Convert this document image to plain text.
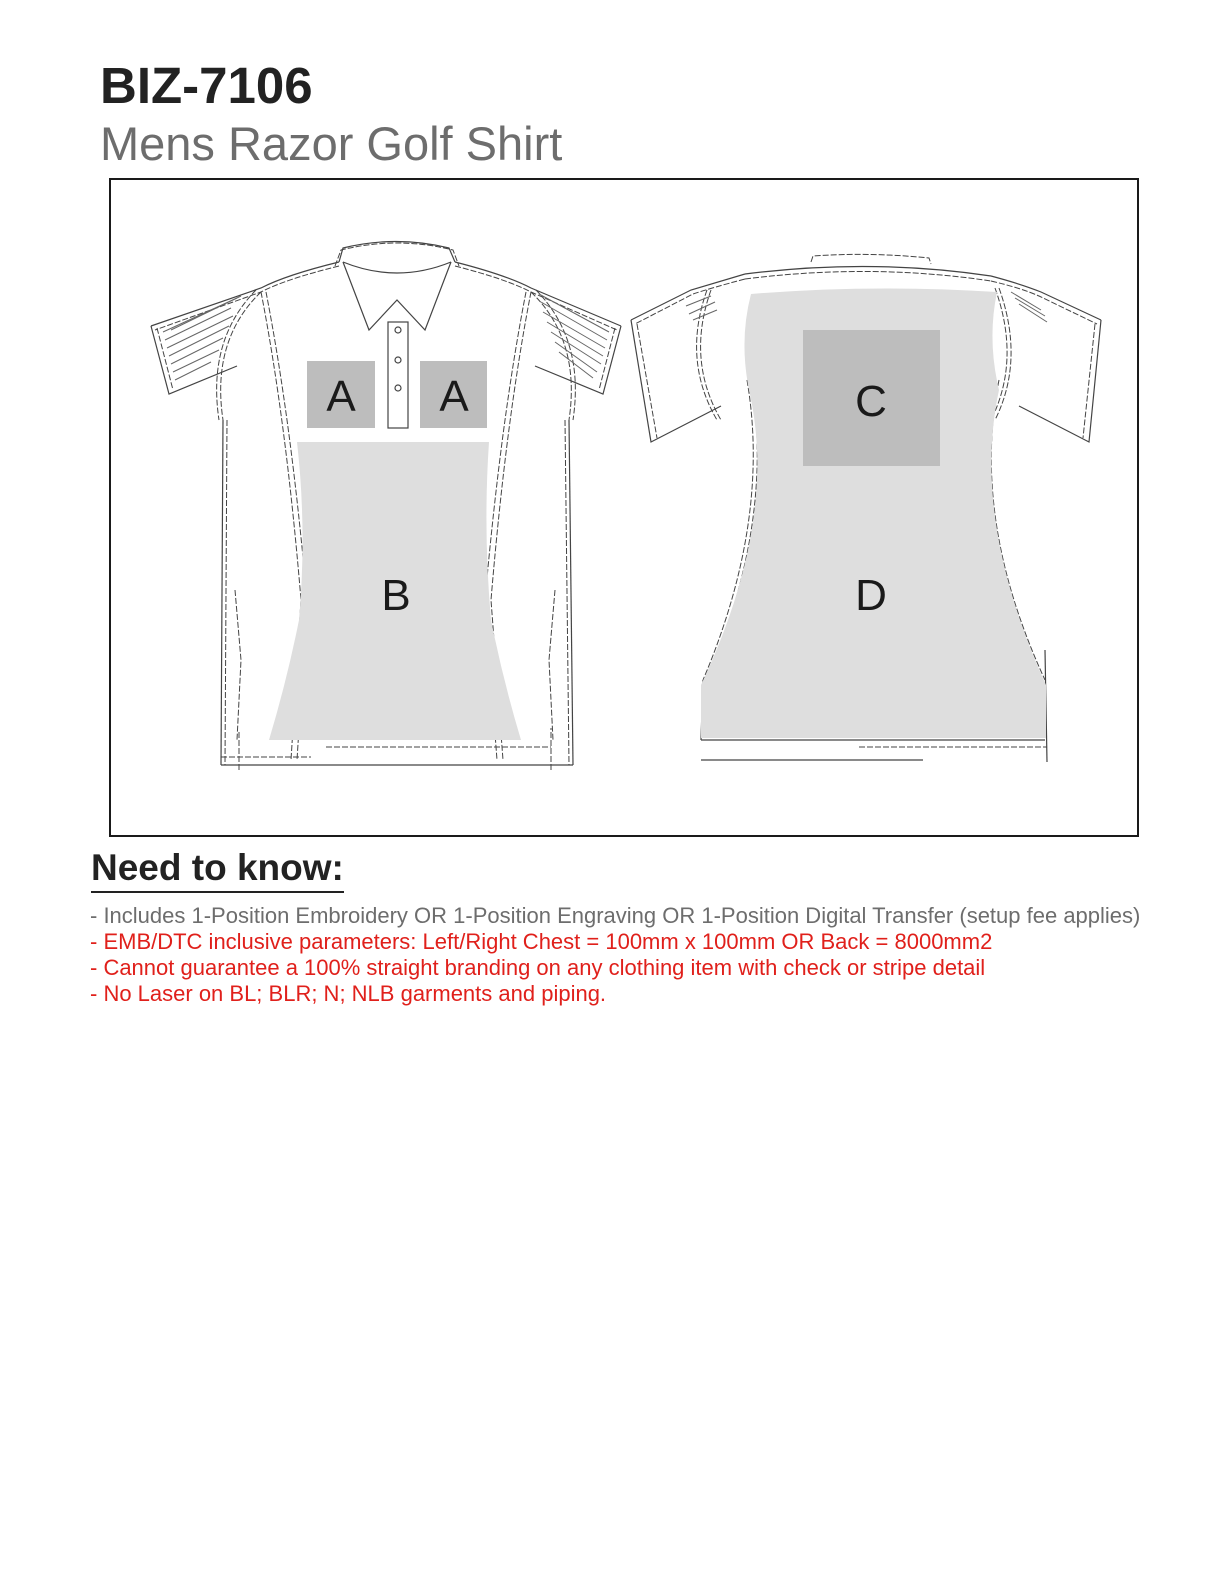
BIZ-7106
Mens Razor Golf Shirt
A A
B
C
D
Need to know:
- Includes 1-Position Embroidery OR 1-Position Engraving OR 1-Position Digital Transfer (setup fee applies)
- EMB/DTC inclusive parameters: Left/Right Chest = 100mm x 100mm OR Back = 8000mm2
- Cannot guarantee a 100% straight branding on any clothing item with check or stripe detail
- No Laser on BL; BLR; N; NLB garments and piping.
